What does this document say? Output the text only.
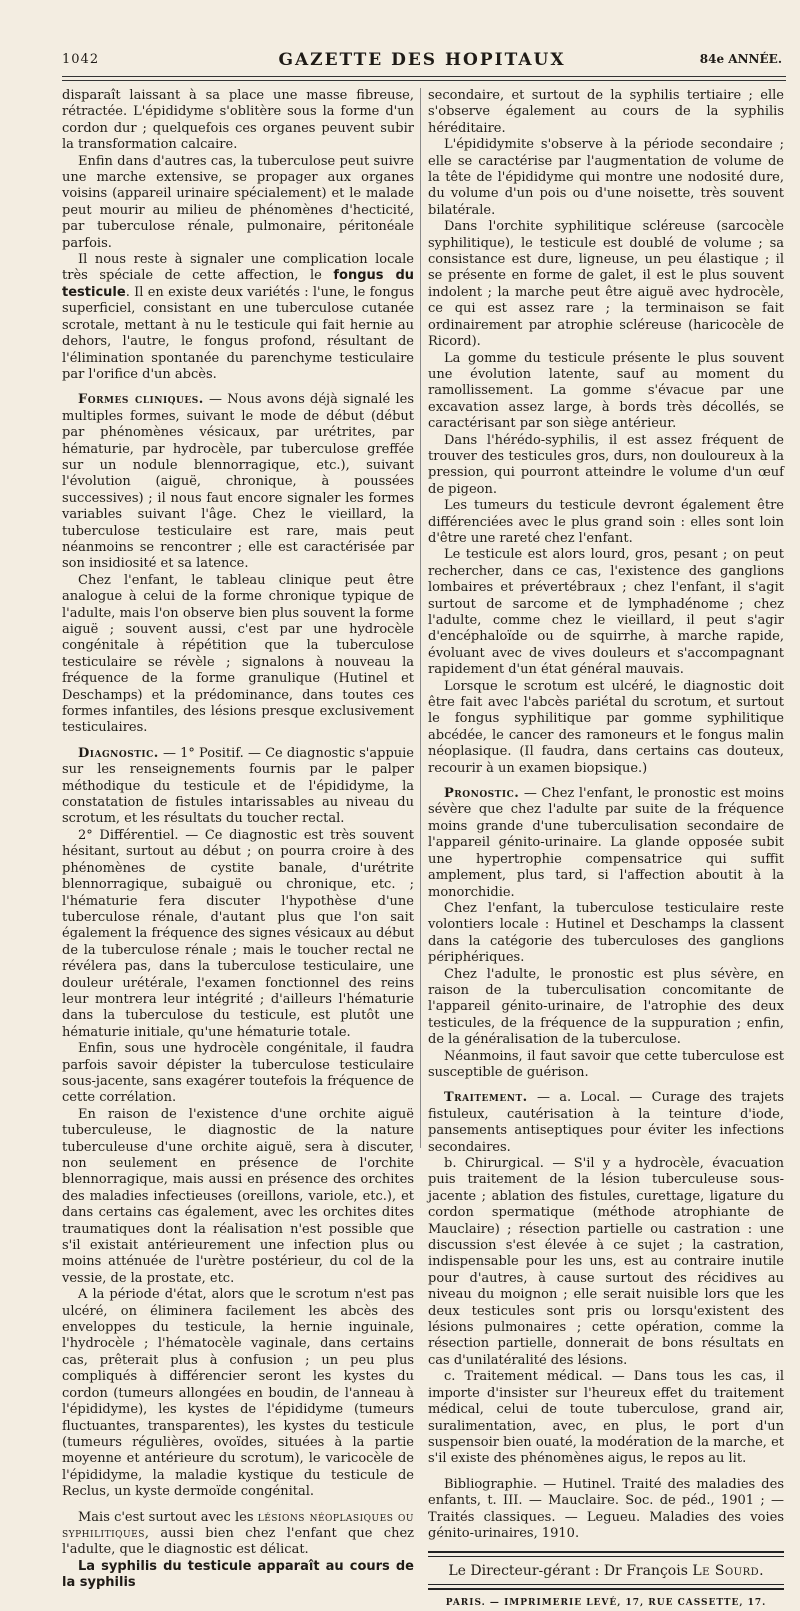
1042	GAZETTE DES HOPITAUX	84e ANNÉE.

disparaît laissant à sa place une masse fibreuse, rétractée. L'épididyme s'oblitère sous la forme d'un cordon dur ; quelquefois ces organes peuvent subir la transformation calcaire.

Enfin dans d'autres cas, la tuberculose peut suivre une marche extensive, se propager aux organes voisins (appareil urinaire spécialement) et le malade peut mourir au milieu de phénomènes d'hecticité, par tuberculose rénale, pulmonaire, péritonéale parfois.

Il nous reste à signaler une complication locale très spéciale de cette affection, le fongus du testicule. Il en existe deux variétés : l'une, le fongus superficiel, consistant en une tuberculose cutanée scrotale, mettant à nu le testicule qui fait hernie au dehors, l'autre, le fongus profond, résultant de l'élimination spontanée du parenchyme testiculaire par l'orifice d'un abcès.

Formes cliniques. — Nous avons déjà signalé les multiples formes, suivant le mode de début (début par phénomènes vésicaux, par urétrites, par hématurie, par hydrocèle, par tuberculose greffée sur un nodule blennorragique, etc.), suivant l'évolution (aiguë, chronique, à poussées successives) ; il nous faut encore signaler les formes variables suivant l'âge. Chez le vieillard, la tuberculose testiculaire est rare, mais peut néanmoins se rencontrer ; elle est caractérisée par son insidiosité et sa latence.

Chez l'enfant, le tableau clinique peut être analogue à celui de la forme chronique typique de l'adulte, mais l'on observe bien plus souvent la forme aiguë ; souvent aussi, c'est par une hydrocèle congénitale à répétition que la tuberculose testiculaire se révèle ; signalons à nouveau la fréquence de la forme granulique (Hutinel et Deschamps) et la prédominance, dans toutes ces formes infantiles, des lésions presque exclusivement testiculaires.

Diagnostic. — 1° Positif. — Ce diagnostic s'appuie sur les renseignements fournis par le palper méthodique du testicule et de l'épididyme, la constatation de fistules intarissables au niveau du scrotum, et les résultats du toucher rectal.

2° Différentiel. — Ce diagnostic est très souvent hésitant, surtout au début ; on pourra croire à des phénomènes de cystite banale, d'urétrite blennorragique, subaiguë ou chronique, etc. ; l'hématurie fera discuter l'hypothèse d'une tuberculose rénale, d'autant plus que l'on sait également la fréquence des signes vésicaux au début de la tuberculose rénale ; mais le toucher rectal ne révélera pas, dans la tuberculose testiculaire, une douleur urétérale, l'examen fonctionnel des reins leur montrera leur intégrité ; d'ailleurs l'hématurie dans la tuberculose du testicule, est plutôt une hématurie initiale, qu'une hématurie totale.

Enfin, sous une hydrocèle congénitale, il faudra parfois savoir dépister la tuberculose testiculaire sous-jacente, sans exagérer toutefois la fréquence de cette corrélation.

En raison de l'existence d'une orchite aiguë tuberculeuse, le diagnostic de la nature tuberculeuse d'une orchite aiguë, sera à discuter, non seulement en présence de l'orchite blennorragique, mais aussi en présence des orchites des maladies infectieuses (oreillons, variole, etc.), et dans certains cas également, avec les orchites dites traumatiques dont la réalisation n'est possible que s'il existait antérieurement une infection plus ou moins atténuée de l'urètre postérieur, du col de la vessie, de la prostate, etc.

A la période d'état, alors que le scrotum n'est pas ulcéré, on éliminera facilement les abcès des enveloppes du testicule, la hernie inguinale, l'hydrocèle ; l'hématocèle vaginale, dans certains cas, prêterait plus à confusion ; un peu plus compliqués à différencier seront les kystes du cordon (tumeurs allongées en boudin, de l'anneau à l'épididyme), les kystes de l'épididyme (tumeurs fluctuantes, transparentes), les kystes du testicule (tumeurs régulières, ovoïdes, situées à la partie moyenne et antérieure du scrotum), le varicocèle de l'épididyme, la maladie kystique du testicule de Reclus, un kyste dermoïde congénital.

Mais c'est surtout avec les lésions néoplasiques ou syphilitiques, aussi bien chez l'enfant que chez l'adulte, que le diagnostic est délicat.

La syphilis du testicule apparaît au cours de la syphilis

secondaire, et surtout de la syphilis tertiaire ; elle s'observe également au cours de la syphilis héréditaire.

L'épididymite s'observe à la période secondaire ; elle se caractérise par l'augmentation de volume de la tête de l'épididyme qui montre une nodosité dure, du volume d'un pois ou d'une noisette, très souvent bilatérale.

Dans l'orchite syphilitique scléreuse (sarcocèle syphilitique), le testicule est doublé de volume ; sa consistance est dure, ligneuse, un peu élastique ; il se présente en forme de galet, il est le plus souvent indolent ; la marche peut être aiguë avec hydrocèle, ce qui est assez rare ; la terminaison se fait ordinairement par atrophie scléreuse (haricocèle de Ricord).

La gomme du testicule présente le plus souvent une évolution latente, sauf au moment du ramollissement. La gomme s'évacue par une excavation assez large, à bords très décollés, se caractérisant par son siège antérieur.

Dans l'hérédo-syphilis, il est assez fréquent de trouver des testicules gros, durs, non douloureux à la pression, qui pourront atteindre le volume d'un œuf de pigeon.

Les tumeurs du testicule devront également être différenciées avec le plus grand soin : elles sont loin d'être une rareté chez l'enfant.

Le testicule est alors lourd, gros, pesant ; on peut rechercher, dans ce cas, l'existence des ganglions lombaires et prévertébraux ; chez l'enfant, il s'agit surtout de sarcome et de lymphadénome ; chez l'adulte, comme chez le vieillard, il peut s'agir d'encéphaloïde ou de squirrhe, à marche rapide, évoluant avec de vives douleurs et s'accompagnant rapidement d'un état général mauvais.

Lorsque le scrotum est ulcéré, le diagnostic doit être fait avec l'abcès pariétal du scrotum, et surtout le fongus syphilitique par gomme syphilitique abcédée, le cancer des ramoneurs et le fongus malin néoplasique. (Il faudra, dans certains cas douteux, recourir à un examen biopsique.)

Pronostic. — Chez l'enfant, le pronostic est moins sévère que chez l'adulte par suite de la fréquence moins grande d'une tuberculisation secondaire de l'appareil génito-urinaire. La glande opposée subit une hypertrophie compensatrice qui suffit amplement, plus tard, si l'affection aboutit à la monorchidie.

Chez l'enfant, la tuberculose testiculaire reste volontiers locale : Hutinel et Deschamps la classent dans la catégorie des tuberculoses des ganglions périphériques.

Chez l'adulte, le pronostic est plus sévère, en raison de la tuberculisation concomitante de l'appareil génito-urinaire, de l'atrophie des deux testicules, de la fréquence de la suppuration ; enfin, de la généralisation de la tuberculose.

Néanmoins, il faut savoir que cette tuberculose est susceptible de guérison.

Traitement. — a. Local. — Curage des trajets fistuleux, cautérisation à la teinture d'iode, pansements antiseptiques pour éviter les infections secondaires.

b. Chirurgical. — S'il y a hydrocèle, évacuation puis traitement de la lésion tuberculeuse sous-jacente ; ablation des fistules, curettage, ligature du cordon spermatique (méthode atrophiante de Mauclaire) ; résection partielle ou castration : une discussion s'est élevée à ce sujet ; la castration, indispensable pour les uns, est au contraire inutile pour d'autres, à cause surtout des récidives au niveau du moignon ; elle serait nuisible lors que les deux testicules sont pris ou lorsqu'existent des lésions pulmonaires ; cette opération, comme la résection partielle, donnerait de bons résultats en cas d'unilatéralité des lésions.

c. Traitement médical. — Dans tous les cas, il importe d'insister sur l'heureux effet du traitement médical, celui de toute tuberculose, grand air, suralimentation, avec, en plus, le port d'un suspensoir bien ouaté, la modération de la marche, et s'il existe des phénomènes aigus, le repos au lit.

Bibliographie. — Hutinel. Traité des maladies des enfants, t. III. — Mauclaire. Soc. de péd., 1901 ; — Traités classiques. — Legueu. Maladies des voies génito-urinaires, 1910.

Le Directeur-gérant : Dr François Le Sourd.
PARIS. — IMPRIMERIE LEVÉ, 17, RUE CASSETTE, 17.
